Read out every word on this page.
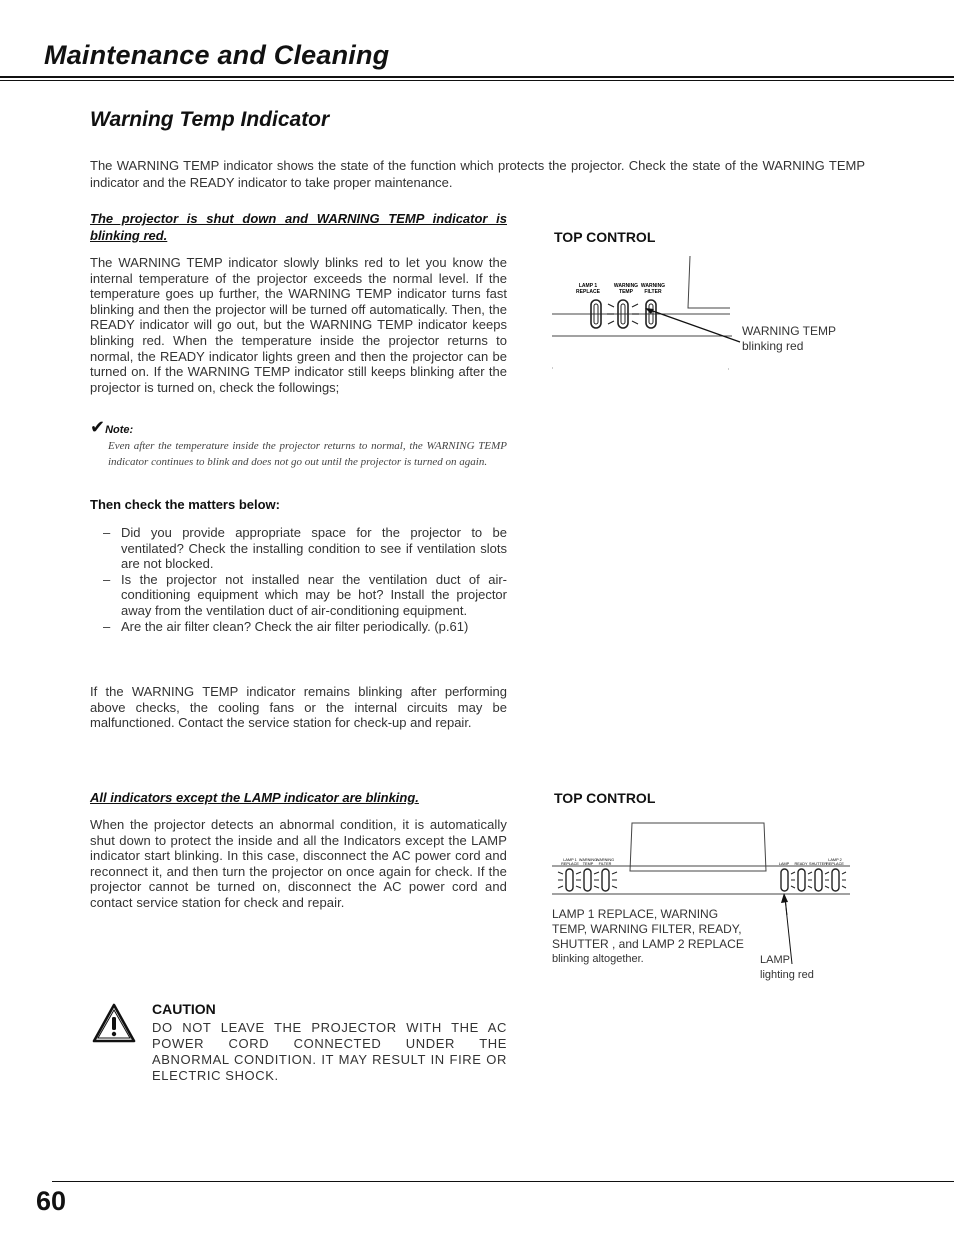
Maintenance and Cleaning
Warning Temp Indicator
The WARNING TEMP indicator shows the state of the function which protects the projector. Check the state of the WARNING TEMP indicator and the READY indicator to take proper maintenance.
The projector is shut down and WARNING TEMP indicator is blinking red.
The WARNING TEMP indicator slowly blinks red to let you know the internal temperature of the projector exceeds the normal level. If the temperature goes up further, the WARNING TEMP indicator turns fast blinking and then the projector will be turned off automatically. Then, the READY indicator will go out, but the WARNING TEMP indicator keeps blinking red. When the temperature inside the projector returns to normal, the READY indicator lights green and then the projector can be turned on. If the WARNING TEMP indicator still keeps blinking after the projector is turned on, check the followings;
✔ Note:
Even after the temperature inside the projector returns to normal, the WARNING TEMP indicator continues to blink and does not go out until the projector is turned on again.
Then check the matters below:
– Did you provide appropriate space for the projector to be ventilated? Check the installing condition to see if ventilation slots are not blocked.
– Is the projector not installed near the ventilation duct of air-conditioning equipment which may be hot? Install the projector away from the ventilation duct of air-conditioning equipment.
– Are the air filter clean? Check the air filter periodically. (p.61)
If the WARNING TEMP indicator remains blinking after performing above checks, the cooling fans or the internal circuits may be malfunctioned. Contact the service station for check-up and repair.
TOP CONTROL
LAMP 1
REPLACE
WARNING
TEMP
WARNING
FILTER
WARNING TEMP
blinking red
All indicators except the LAMP indicator are blinking.
When the projector detects an abnormal condition, it is automatically shut down to protect the inside and all the Indicators except the LAMP indicator start blinking. In this case, disconnect the AC power cord and reconnect it, and then turn the projector on once again for check. If the projector cannot be turned on, disconnect the AC power cord and contact service station for check and repair.
TOP CONTROL
LAMP 1
REPLACE
WARNING
TEMP
WARNING
FILTER	LAMP READY SHUTTER
LAMP 2
REPLACE
LAMP 1 REPLACE, WARNING
TEMP, WARNING FILTER, READY,
SHUTTER , and LAMP 2 REPLACE
blinking altogether.	LAMP
lighting red
CAUTION
DO NOT LEAVE THE PROJECTOR WITH THE AC POWER CORD CONNECTED UNDER THE ABNORMAL CONDITION. IT MAY RESULT IN FIRE OR ELECTRIC SHOCK.
60
